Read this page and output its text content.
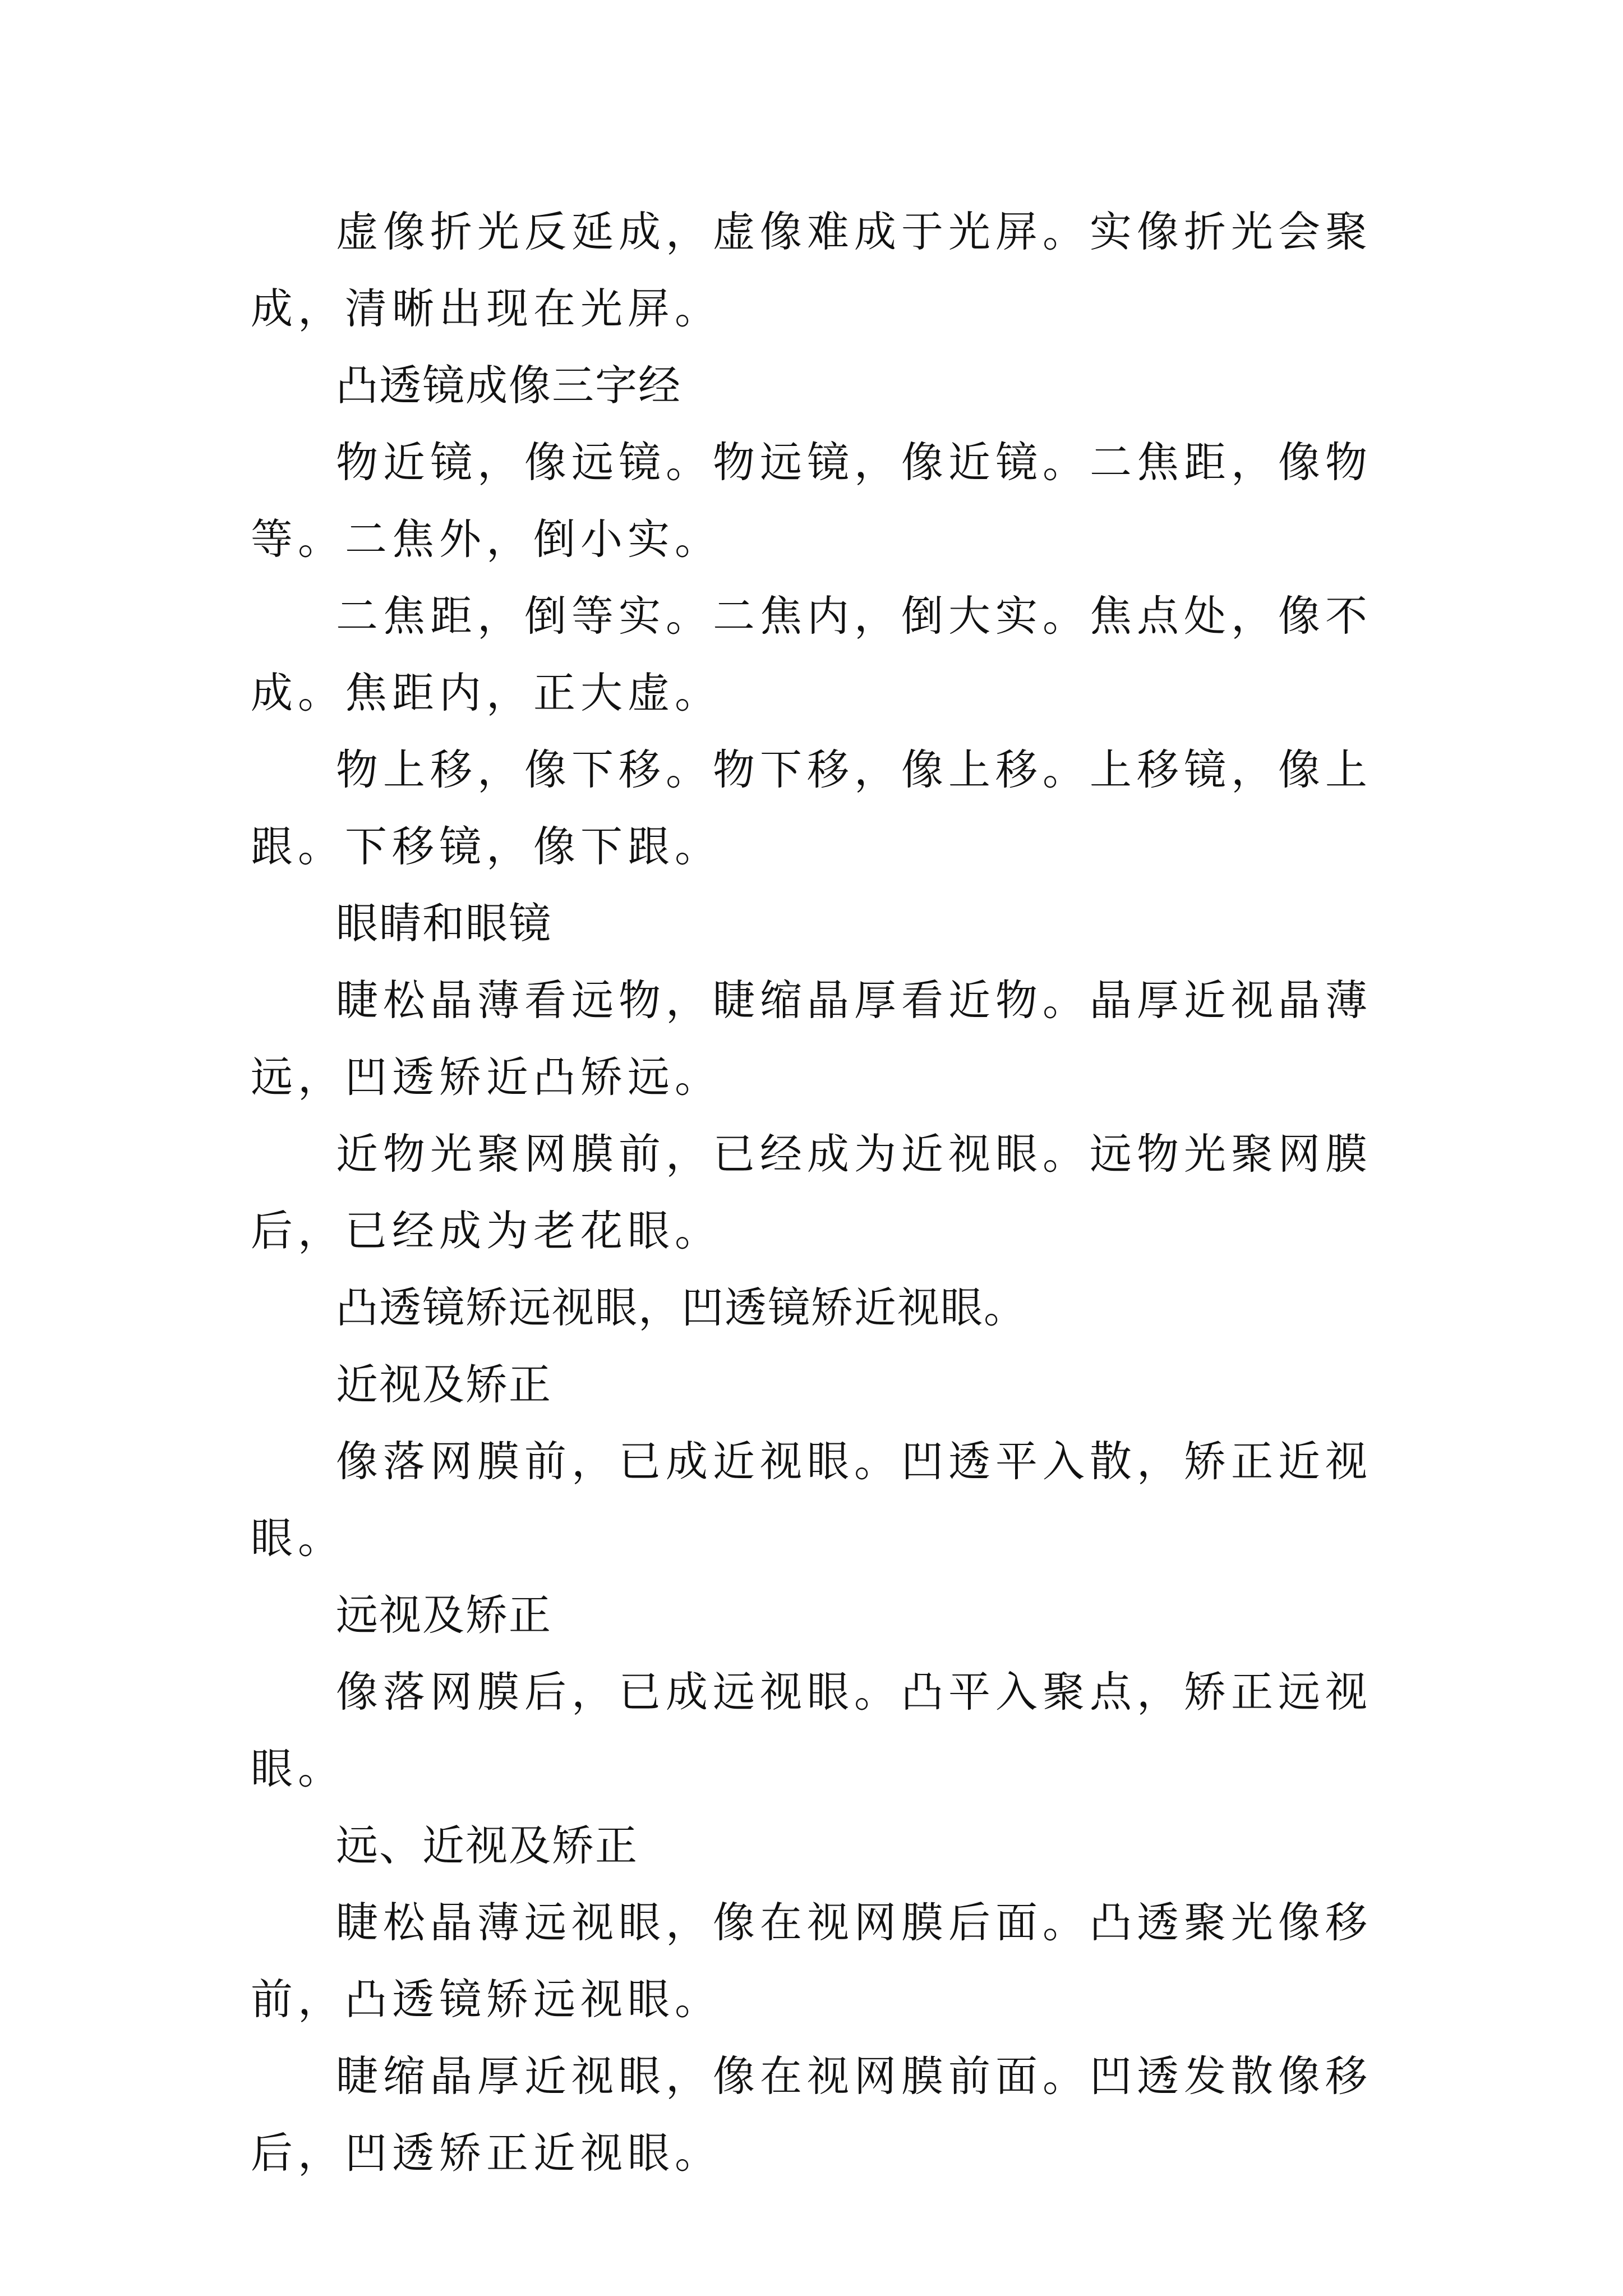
虚像折光反延成，虚像难成于光屏。实像折光会聚成，清晰出现在光屏。

凸透镜成像三字经

物近镜，像远镜。物远镜，像近镜。二焦距，像物等。二焦外，倒小实。

二焦距，倒等实。二焦内，倒大实。焦点处，像不成。焦距内，正大虚。

物上移，像下移。物下移，像上移。上移镜，像上跟。下移镜，像下跟。

眼睛和眼镜

睫松晶薄看远物，睫缩晶厚看近物。晶厚近视晶薄远，凹透矫近凸矫远。

近物光聚网膜前，已经成为近视眼。远物光聚网膜后，已经成为老花眼。

凸透镜矫远视眼，凹透镜矫近视眼。

近视及矫正

像落网膜前，已成近视眼。凹透平入散，矫正近视眼。

远视及矫正

像落网膜后，已成远视眼。凸平入聚点，矫正远视眼。

远、近视及矫正

睫松晶薄远视眼，像在视网膜后面。凸透聚光像移前，凸透镜矫远视眼。

睫缩晶厚近视眼，像在视网膜前面。凹透发散像移后，凹透矫正近视眼。
